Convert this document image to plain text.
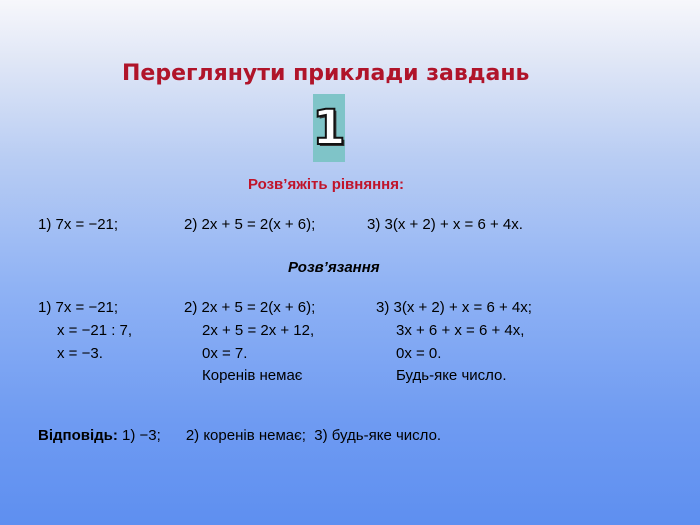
Переглянути приклади завдань
1
Розв’яжіть рівняння:
1) 7x = −21;	2) 2x + 5 = 2(x + 6);	3) 3(x + 2) + x = 6 + 4x.
Розв’язання
1) 7x = −21;
x = −21 : 7,
x = −3.
2) 2x + 5 = 2(x + 6);
2x + 5 = 2x + 12,
0x = 7.
Коренів немає
3) 3(x + 2) + x = 6 + 4x;
3x + 6 + x = 6 + 4x,
0x = 0.
Будь-яке число.
Відповідь: 1) −3;      2) коренів немає;  3) будь-яке число.
